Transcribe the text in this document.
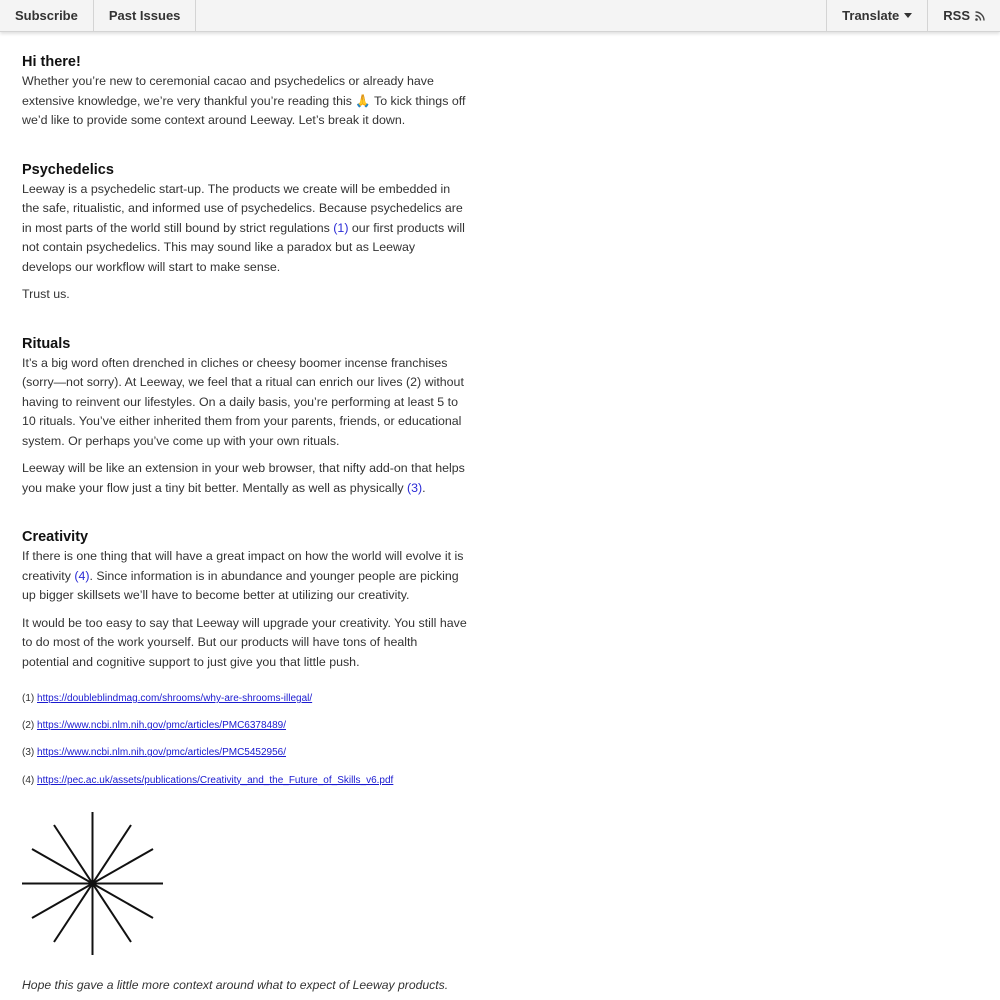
Subscribe Past Issues	Translate	RSS
Hi there!

Whether you’re new to ceremonial cacao and psychedelics or already have extensive knowledge, we’re very thankful you’re reading this 🙏 To kick things off we’d like to provide some context around Leeway. Let’s break it down.

Psychedelics

Leeway is a psychedelic start-up. The products we create will be embedded in the safe, ritualistic, and informed use of psychedelics. Because psychedelics are in most parts of the world still bound by strict regulations (1) our first products will not contain psychedelics. This may sound like a paradox but as Leeway develops our workflow will start to make sense.

Trust us.

Rituals

It’s a big word often drenched in cliches or cheesy boomer incense franchises (sorry—not sorry). At Leeway, we feel that a ritual can enrich our lives (2) without having to reinvent our lifestyles. On a daily basis, you’re performing at least 5 to 10 rituals. You’ve either inherited them from your parents, friends, or educational system. Or perhaps you’ve come up with your own rituals.

Leeway will be like an extension in your web browser, that nifty add-on that helps you make your flow just a tiny bit better. Mentally as well as physically (3).

Creativity

If there is one thing that will have a great impact on how the world will evolve it is creativity (4). Since information is in abundance and younger people are picking up bigger skillsets we’ll have to become better at utilizing our creativity.

It would be too easy to say that Leeway will upgrade your creativity. You still have to do most of the work yourself. But our products will have tons of health potential and cognitive support to just give you that little push.

(1) https://doubleblindmag.com/shrooms/why-are-shrooms-illegal/
(2) https://www.ncbi.nlm.nih.gov/pmc/articles/PMC6378489/
(3) https://www.ncbi.nlm.nih.gov/pmc/articles/PMC5452956/
(4) https://pec.ac.uk/assets/publications/Creativity_and_the_Future_of_Skills_v6.pdf

Hope this gave a little more context around what to expect of Leeway products.
